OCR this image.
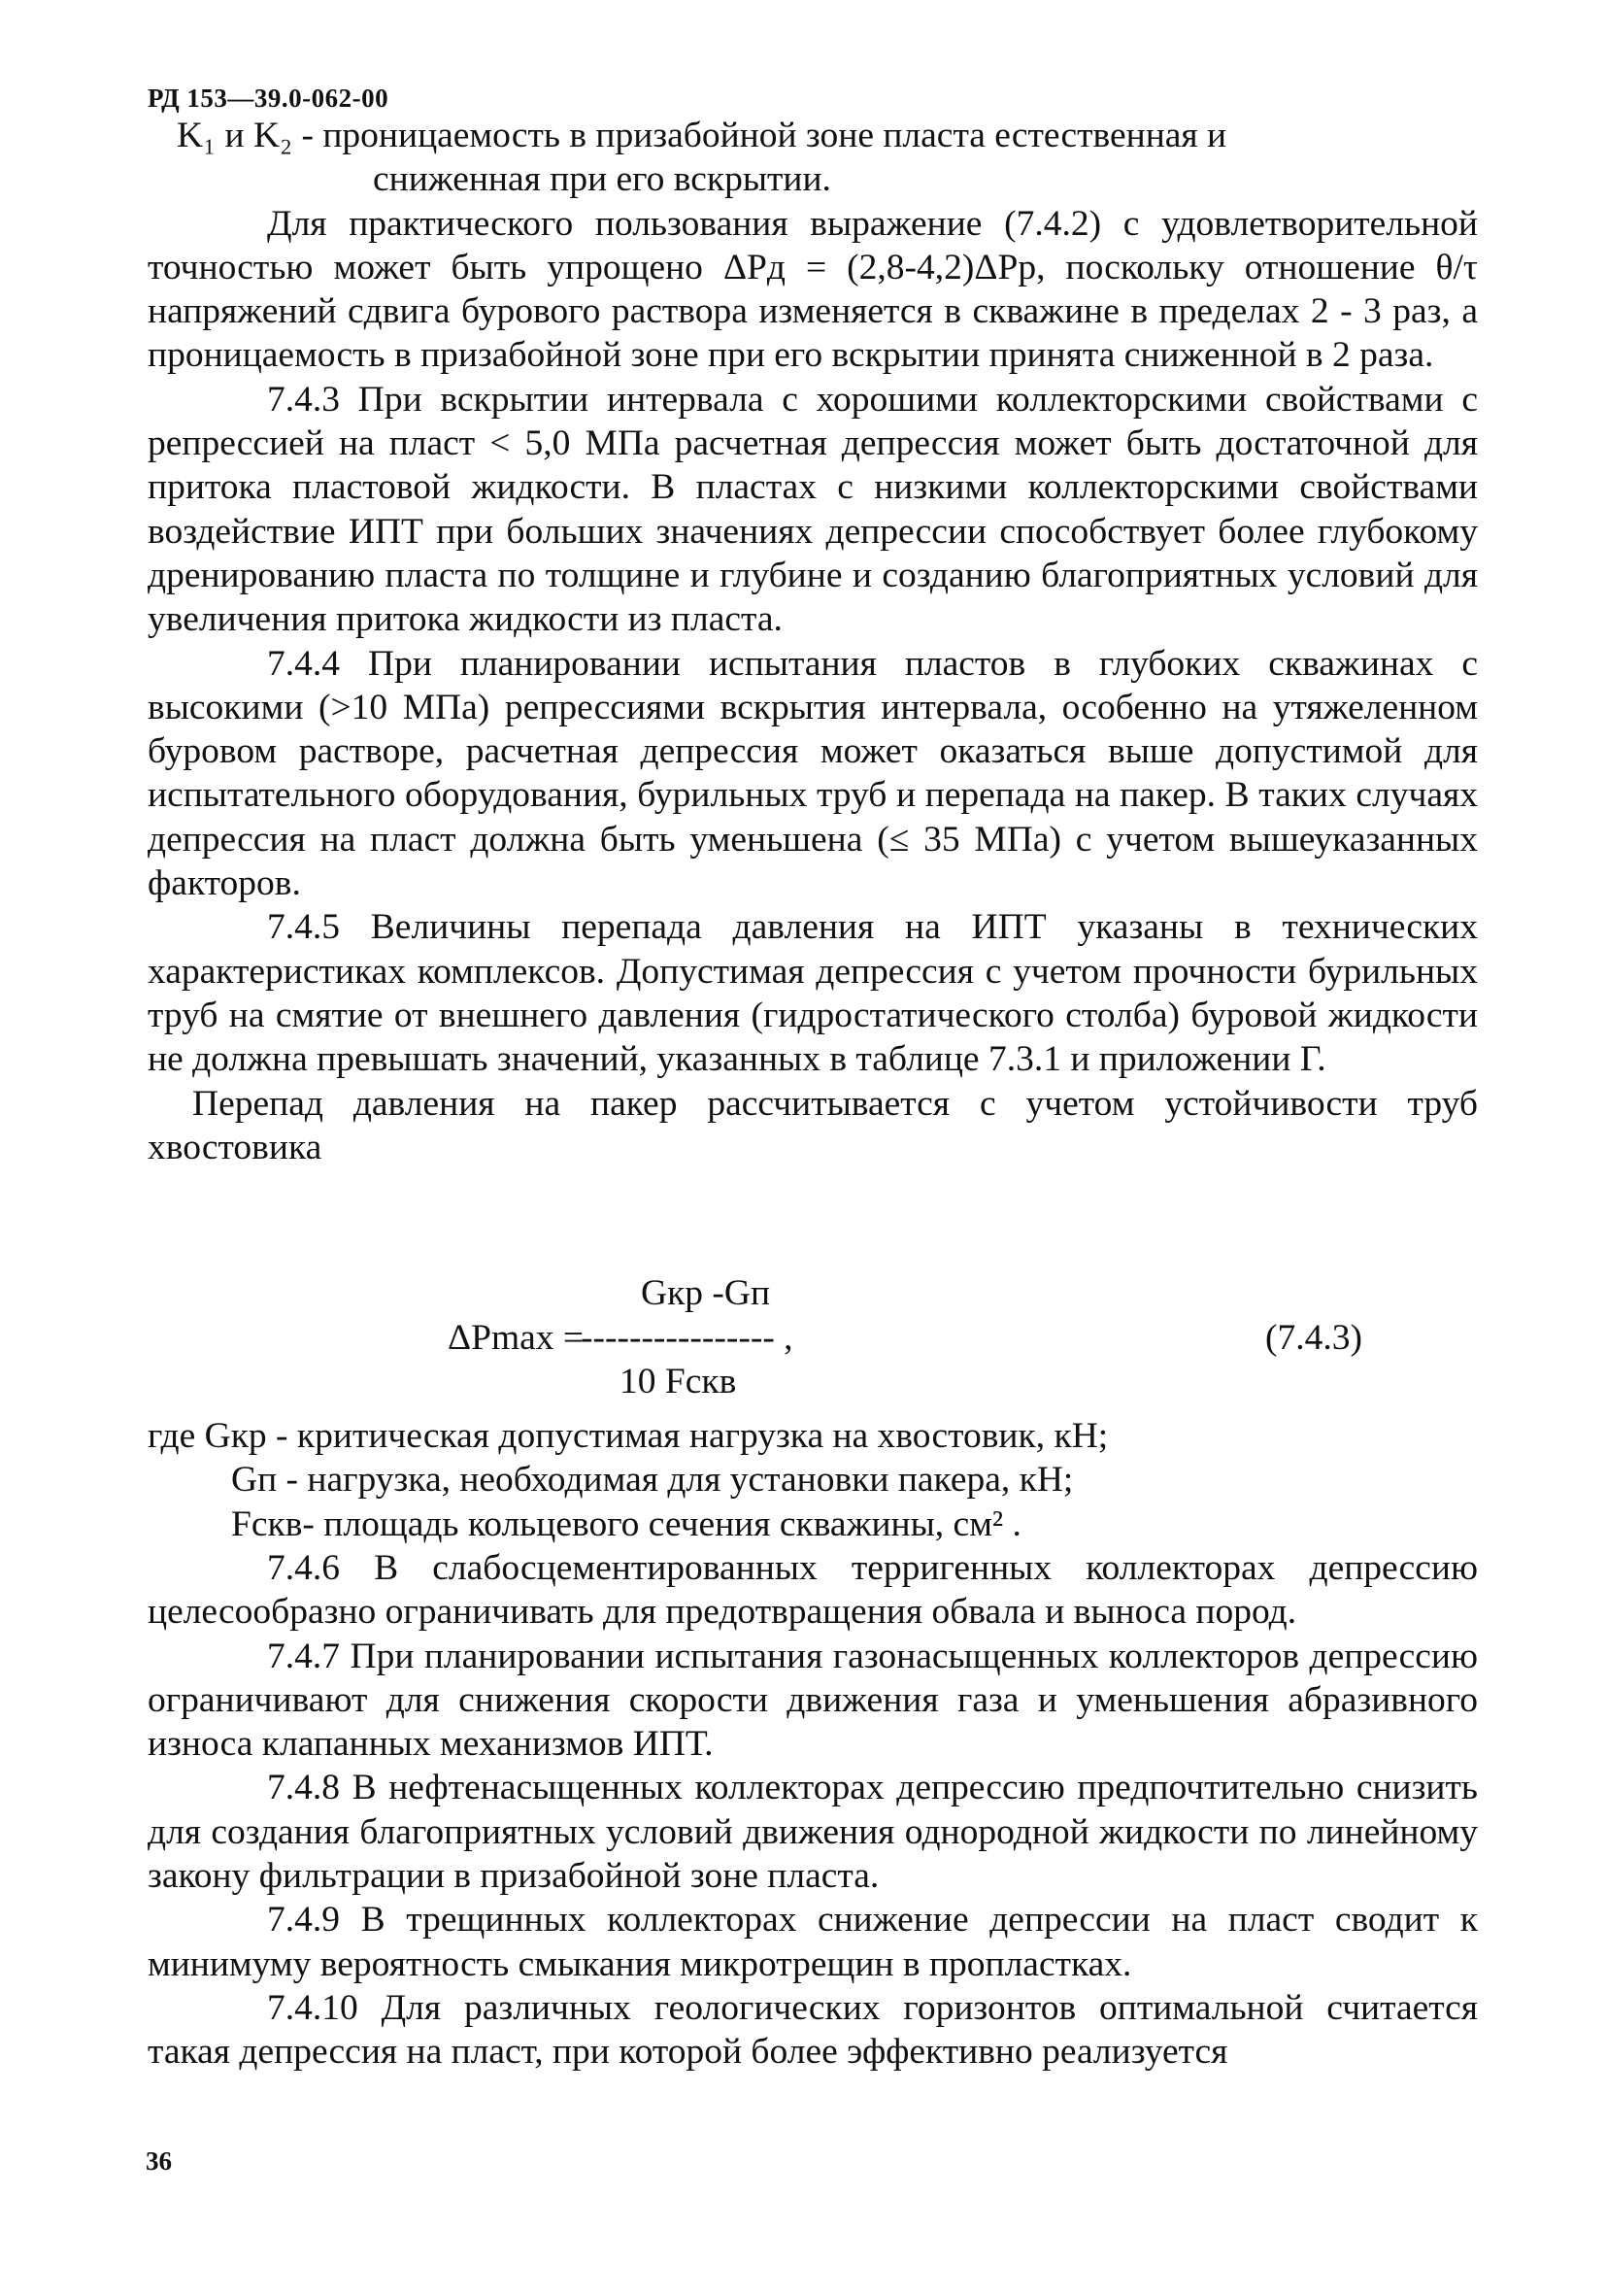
РД 153—39.0-062-00

K₁ и K₂ - проницаемость в призабойной зоне пласта естественная и

сниженная при его вскрытии.

Для практического пользования выражение (7.4.2) с удовлетворительной точностью может быть упрощено ΔPд = (2,8-4,2)ΔPр, поскольку отношение θ/τ напряжений сдвига бурового раствора изменяется в скважине в пределах 2 - 3 раз, а проницаемость в призабойной зоне при его вскрытии принята сниженной в 2 раза.

7.4.3 При вскрытии интервала с хорошими коллекторскими свойствами с репрессией на пласт < 5,0 МПа расчетная депрессия может быть достаточной для притока пластовой жидкости. В пластах с низкими коллекторскими свойствами воздействие ИПТ при больших значениях депрессии способствует более глубокому дренированию пласта по толщине и глубине и созданию благоприятных условий для увеличения притока жидкости из пласта.

7.4.4 При планировании испытания пластов в глубоких скважинах с высокими (>10 МПа) репрессиями вскрытия интервала, особенно на утяжеленном буровом растворе, расчетная депрессия может оказаться выше допустимой для испытательного оборудования, бурильных труб и перепада на пакер. В таких случаях депрессия на пласт должна быть уменьшена (≤ 35 МПа) с учетом вышеуказанных факторов.

7.4.5 Величины перепада давления на ИПТ указаны в технических характеристиках комплексов. Допустимая депрессия с учетом прочности бурильных труб на смятие от внешнего давления (гидростатического столба) буровой жидкости не должна превышать значений, указанных в таблице 7.3.1 и приложении Г.

Перепад давления на пакер рассчитывается с учетом устойчивости труб хвостовика

Gкр -Gп
ΔPmax =
---------------- ,
10 Fскв
(7.4.3)

где Gкр - критическая допустимая нагрузка на хвостовик, кН;

Gп - нагрузка, необходимая для установки пакера, кН;

Fскв- площадь кольцевого сечения скважины, см² .

7.4.6 В слабосцементированных терригенных коллекторах депрессию целесообразно ограничивать для предотвращения обвала и выноса пород.

7.4.7 При планировании испытания газонасыщенных коллекторов депрессию ограничивают для снижения скорости движения газа и уменьшения абразивного износа клапанных механизмов ИПТ.

7.4.8 В нефтенасыщенных коллекторах депрессию предпочтительно снизить для создания благоприятных условий движения однородной жидкости по линейному закону фильтрации в призабойной зоне пласта.

7.4.9 В трещинных коллекторах снижение депрессии на пласт сводит к минимуму вероятность смыкания микротрещин в пропластках.

7.4.10 Для различных геологических горизонтов оптимальной считается такая депрессия на пласт, при которой более эффективно реализуется

36
